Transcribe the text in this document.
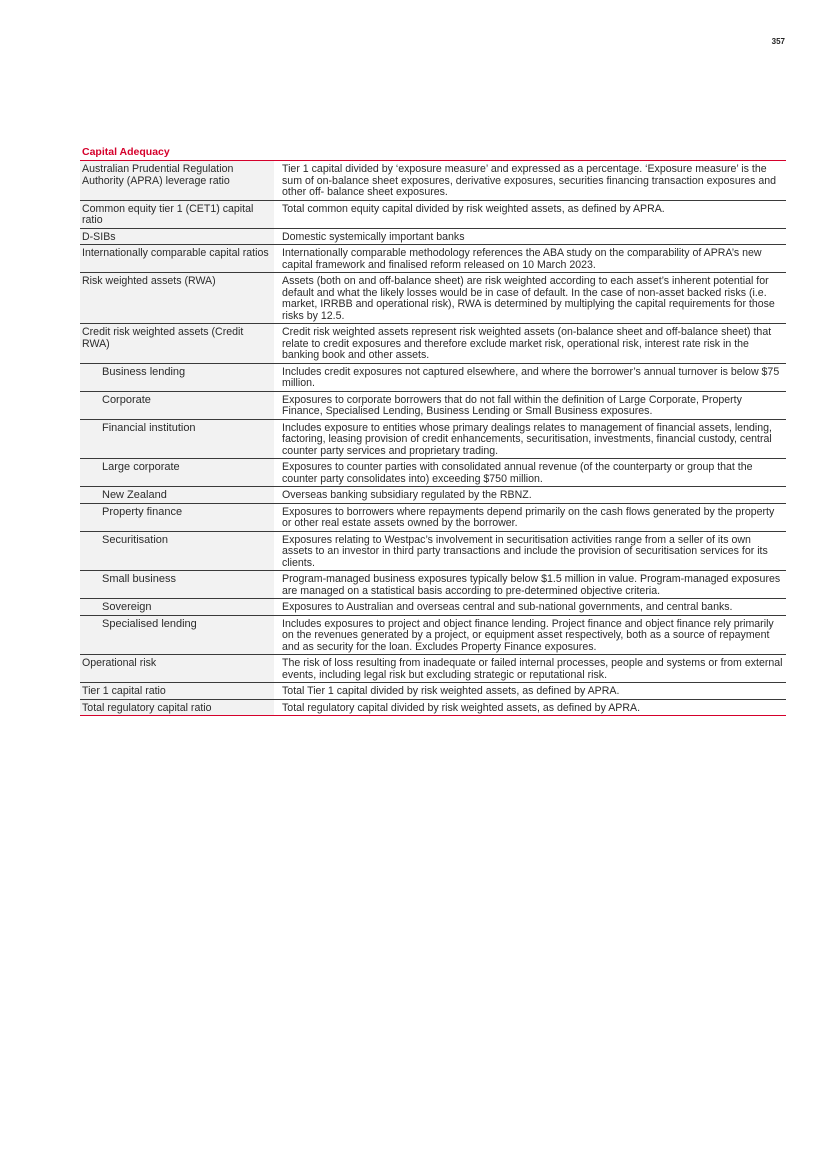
357
Capital Adequacy
Australian Prudential Regulation Authority (APRA) leverage ratio	Tier 1 capital divided by ‘exposure measure’ and expressed as a percentage. ‘Exposure measure’ is the sum of on-balance sheet exposures, derivative exposures, securities financing transaction exposures and other off- balance sheet exposures.
Common equity tier 1 (CET1) capital ratio	Total common equity capital divided by risk weighted assets, as defined by APRA.
D-SIBs	Domestic systemically important banks
Internationally comparable capital ratios	Internationally comparable methodology references the ABA study on the comparability of APRA’s new capital framework and finalised reform released on 10 March 2023.
Risk weighted assets (RWA)	Assets (both on and off-balance sheet) are risk weighted according to each asset’s inherent potential for default and what the likely losses would be in case of default. In the case of non-asset backed risks (i.e. market, IRRBB and operational risk), RWA is determined by multiplying the capital requirements for those risks by 12.5.
Credit risk weighted assets (Credit RWA)	Credit risk weighted assets represent risk weighted assets (on-balance sheet and off-balance sheet) that relate to credit exposures and therefore exclude market risk, operational risk, interest rate risk in the banking book and other assets.
Business lending	Includes credit exposures not captured elsewhere, and where the borrower’s annual turnover is below $75 million.
Corporate	Exposures to corporate borrowers that do not fall within the definition of Large Corporate, Property Finance, Specialised Lending, Business Lending or Small Business exposures.
Financial institution	Includes exposure to entities whose primary dealings relates to management of financial assets, lending, factoring, leasing provision of credit enhancements, securitisation, investments, financial custody, central counter party services and proprietary trading.
Large corporate	Exposures to counter parties with consolidated annual revenue (of the counterparty or group that the counter party consolidates into) exceeding $750 million.
New Zealand	Overseas banking subsidiary regulated by the RBNZ.
Property finance	Exposures to borrowers where repayments depend primarily on the cash flows generated by the property or other real estate assets owned by the borrower.
Securitisation	Exposures relating to Westpac’s involvement in securitisation activities range from a seller of its own assets to an investor in third party transactions and include the provision of securitisation services for its clients.
Small business	Program-managed business exposures typically below $1.5 million in value. Program-managed exposures are managed on a statistical basis according to pre-determined objective criteria.
Sovereign	Exposures to Australian and overseas central and sub-national governments, and central banks.
Specialised lending	Includes exposures to project and object finance lending. Project finance and object finance rely primarily on the revenues generated by a project, or equipment asset respectively, both as a source of repayment and as security for the loan. Excludes Property Finance exposures.
Operational risk	The risk of loss resulting from inadequate or failed internal processes, people and systems or from external events, including legal risk but excluding strategic or reputational risk.
Tier 1 capital ratio	Total Tier 1 capital divided by risk weighted assets, as defined by APRA.
Total regulatory capital ratio	Total regulatory capital divided by risk weighted assets, as defined by APRA.
